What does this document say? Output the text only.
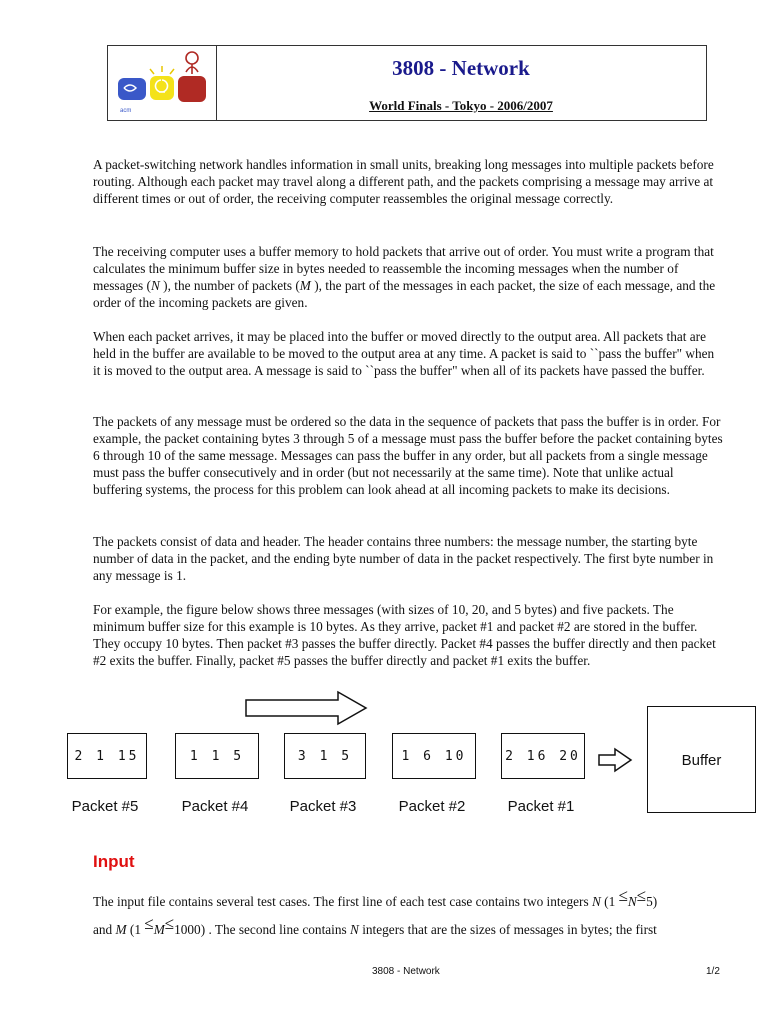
acm
3808 - Network
World Finals - Tokyo - 2006/2007

A packet-switching network handles information in small units, breaking long messages into multiple packets before routing. Although each packet may travel along a different path, and the packets comprising a message may arrive at different times or out of order, the receiving computer reassembles the original message correctly.

The receiving computer uses a buffer memory to hold packets that arrive out of order. You must write a program that calculates the minimum buffer size in bytes needed to reassemble the incoming messages when the number of messages (N ), the number of packets (M ), the part of the messages in each packet, the size of each message, and the order of the incoming packets are given.

When each packet arrives, it may be placed into the buffer or moved directly to the output area. All packets that are held in the buffer are available to be moved to the output area at any time. A packet is said to ``pass the buffer" when it is moved to the output area. A message is said to ``pass the buffer" when all of its packets have passed the buffer.

The packets of any message must be ordered so the data in the sequence of packets that pass the buffer is in order. For example, the packet containing bytes 3 through 5 of a message must pass the buffer before the packet containing bytes 6 through 10 of the same message. Messages can pass the buffer in any order, but all packets from a single message must pass the buffer consecutively and in order (but not necessarily at the same time). Note that unlike actual buffering systems, the process for this problem can look ahead at all incoming packets to make its decisions.

The packets consist of data and header. The header contains three numbers: the message number, the starting byte number of data in the packet, and the ending byte number of data in the packet respectively. The first byte number in any message is 1.

For example, the figure below shows three messages (with sizes of 10, 20, and 5 bytes) and five packets. The minimum buffer size for this example is 10 bytes. As they arrive, packet #1 and packet #2 are stored in the buffer. They occupy 10 bytes. Then packet #3 passes the buffer directly. Packet #4 passes the buffer directly and then packet #2 exits the buffer. Finally, packet #5 passes the buffer directly and packet #1 exits the buffer.

2 1 15	1 1 5	3 1 5	1 6 10	2 16 20
Packet #5	Packet #4	Packet #3	Packet #2	Packet #1
Buffer
Input

The input file contains several test cases. The first line of each test case contains two integers N (1 ≤N≤5)

and M (1 ≤M≤1000) . The second line contains N integers that are the sizes of messages in bytes; the first

3808 - Network	1/2
